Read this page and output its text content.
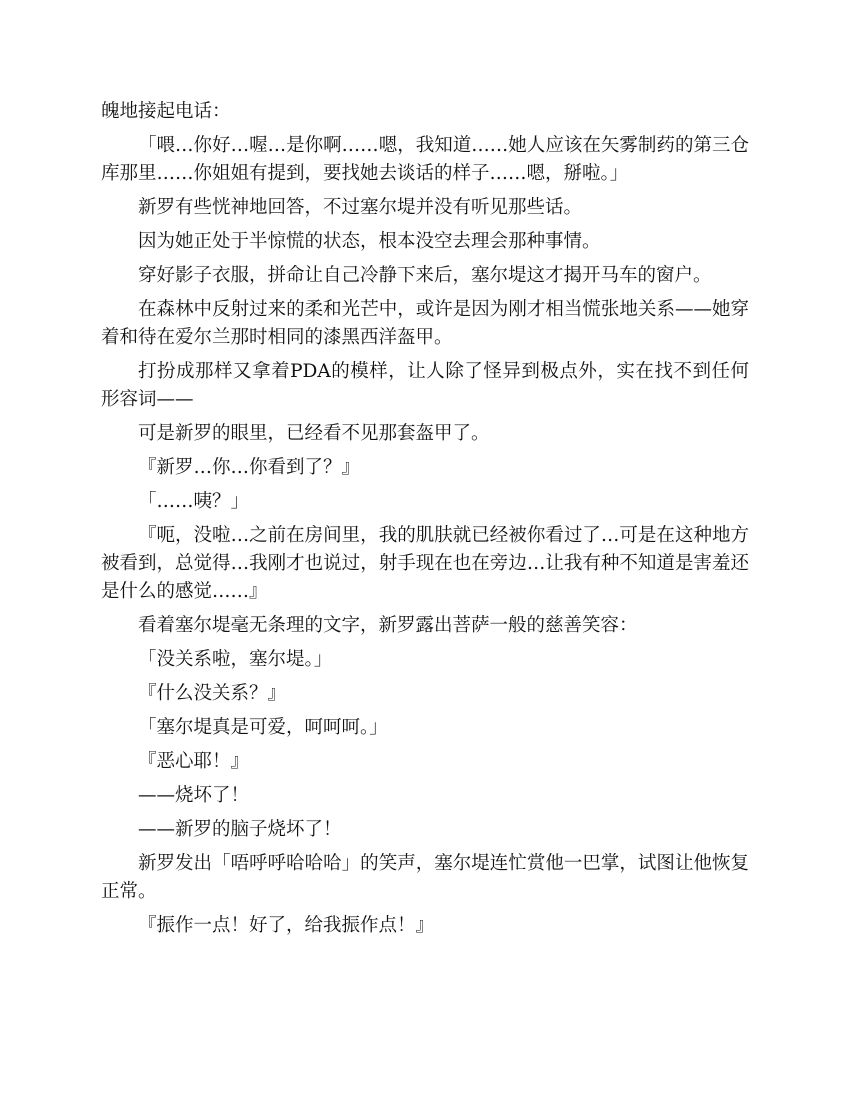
魄地接起电话：

「喂…你好…喔…是你啊……嗯，我知道……她人应该在矢雾制药的第三仓库那里……你姐姐有提到，要找她去谈话的样子……嗯，掰啦。」

新罗有些恍神地回答，不过塞尔堤并没有听见那些话。

因为她正处于半惊慌的状态，根本没空去理会那种事情。

穿好影子衣服，拼命让自己冷静下来后，塞尔堤这才揭开马车的窗户。

在森林中反射过来的柔和光芒中，或许是因为刚才相当慌张地关系——她穿着和待在爱尔兰那时相同的漆黑西洋盔甲。

打扮成那样又拿着PDA的模样，让人除了怪异到极点外，实在找不到任何形容词——

可是新罗的眼里，已经看不见那套盔甲了。

『新罗…你…你看到了？』

「……咦？」

『呃，没啦…之前在房间里，我的肌肤就已经被你看过了…可是在这种地方被看到，总觉得…我刚才也说过，射手现在也在旁边…让我有种不知道是害羞还是什么的感觉……』

看着塞尔堤毫无条理的文字，新罗露出菩萨一般的慈善笑容：

「没关系啦，塞尔堤。」

『什么没关系？』

「塞尔堤真是可爱，呵呵呵。」

『恶心耶！』

——烧坏了！

——新罗的脑子烧坏了！

新罗发出「唔呼呼哈哈哈」的笑声，塞尔堤连忙赏他一巴掌，试图让他恢复正常。

『振作一点！好了，给我振作点！』
